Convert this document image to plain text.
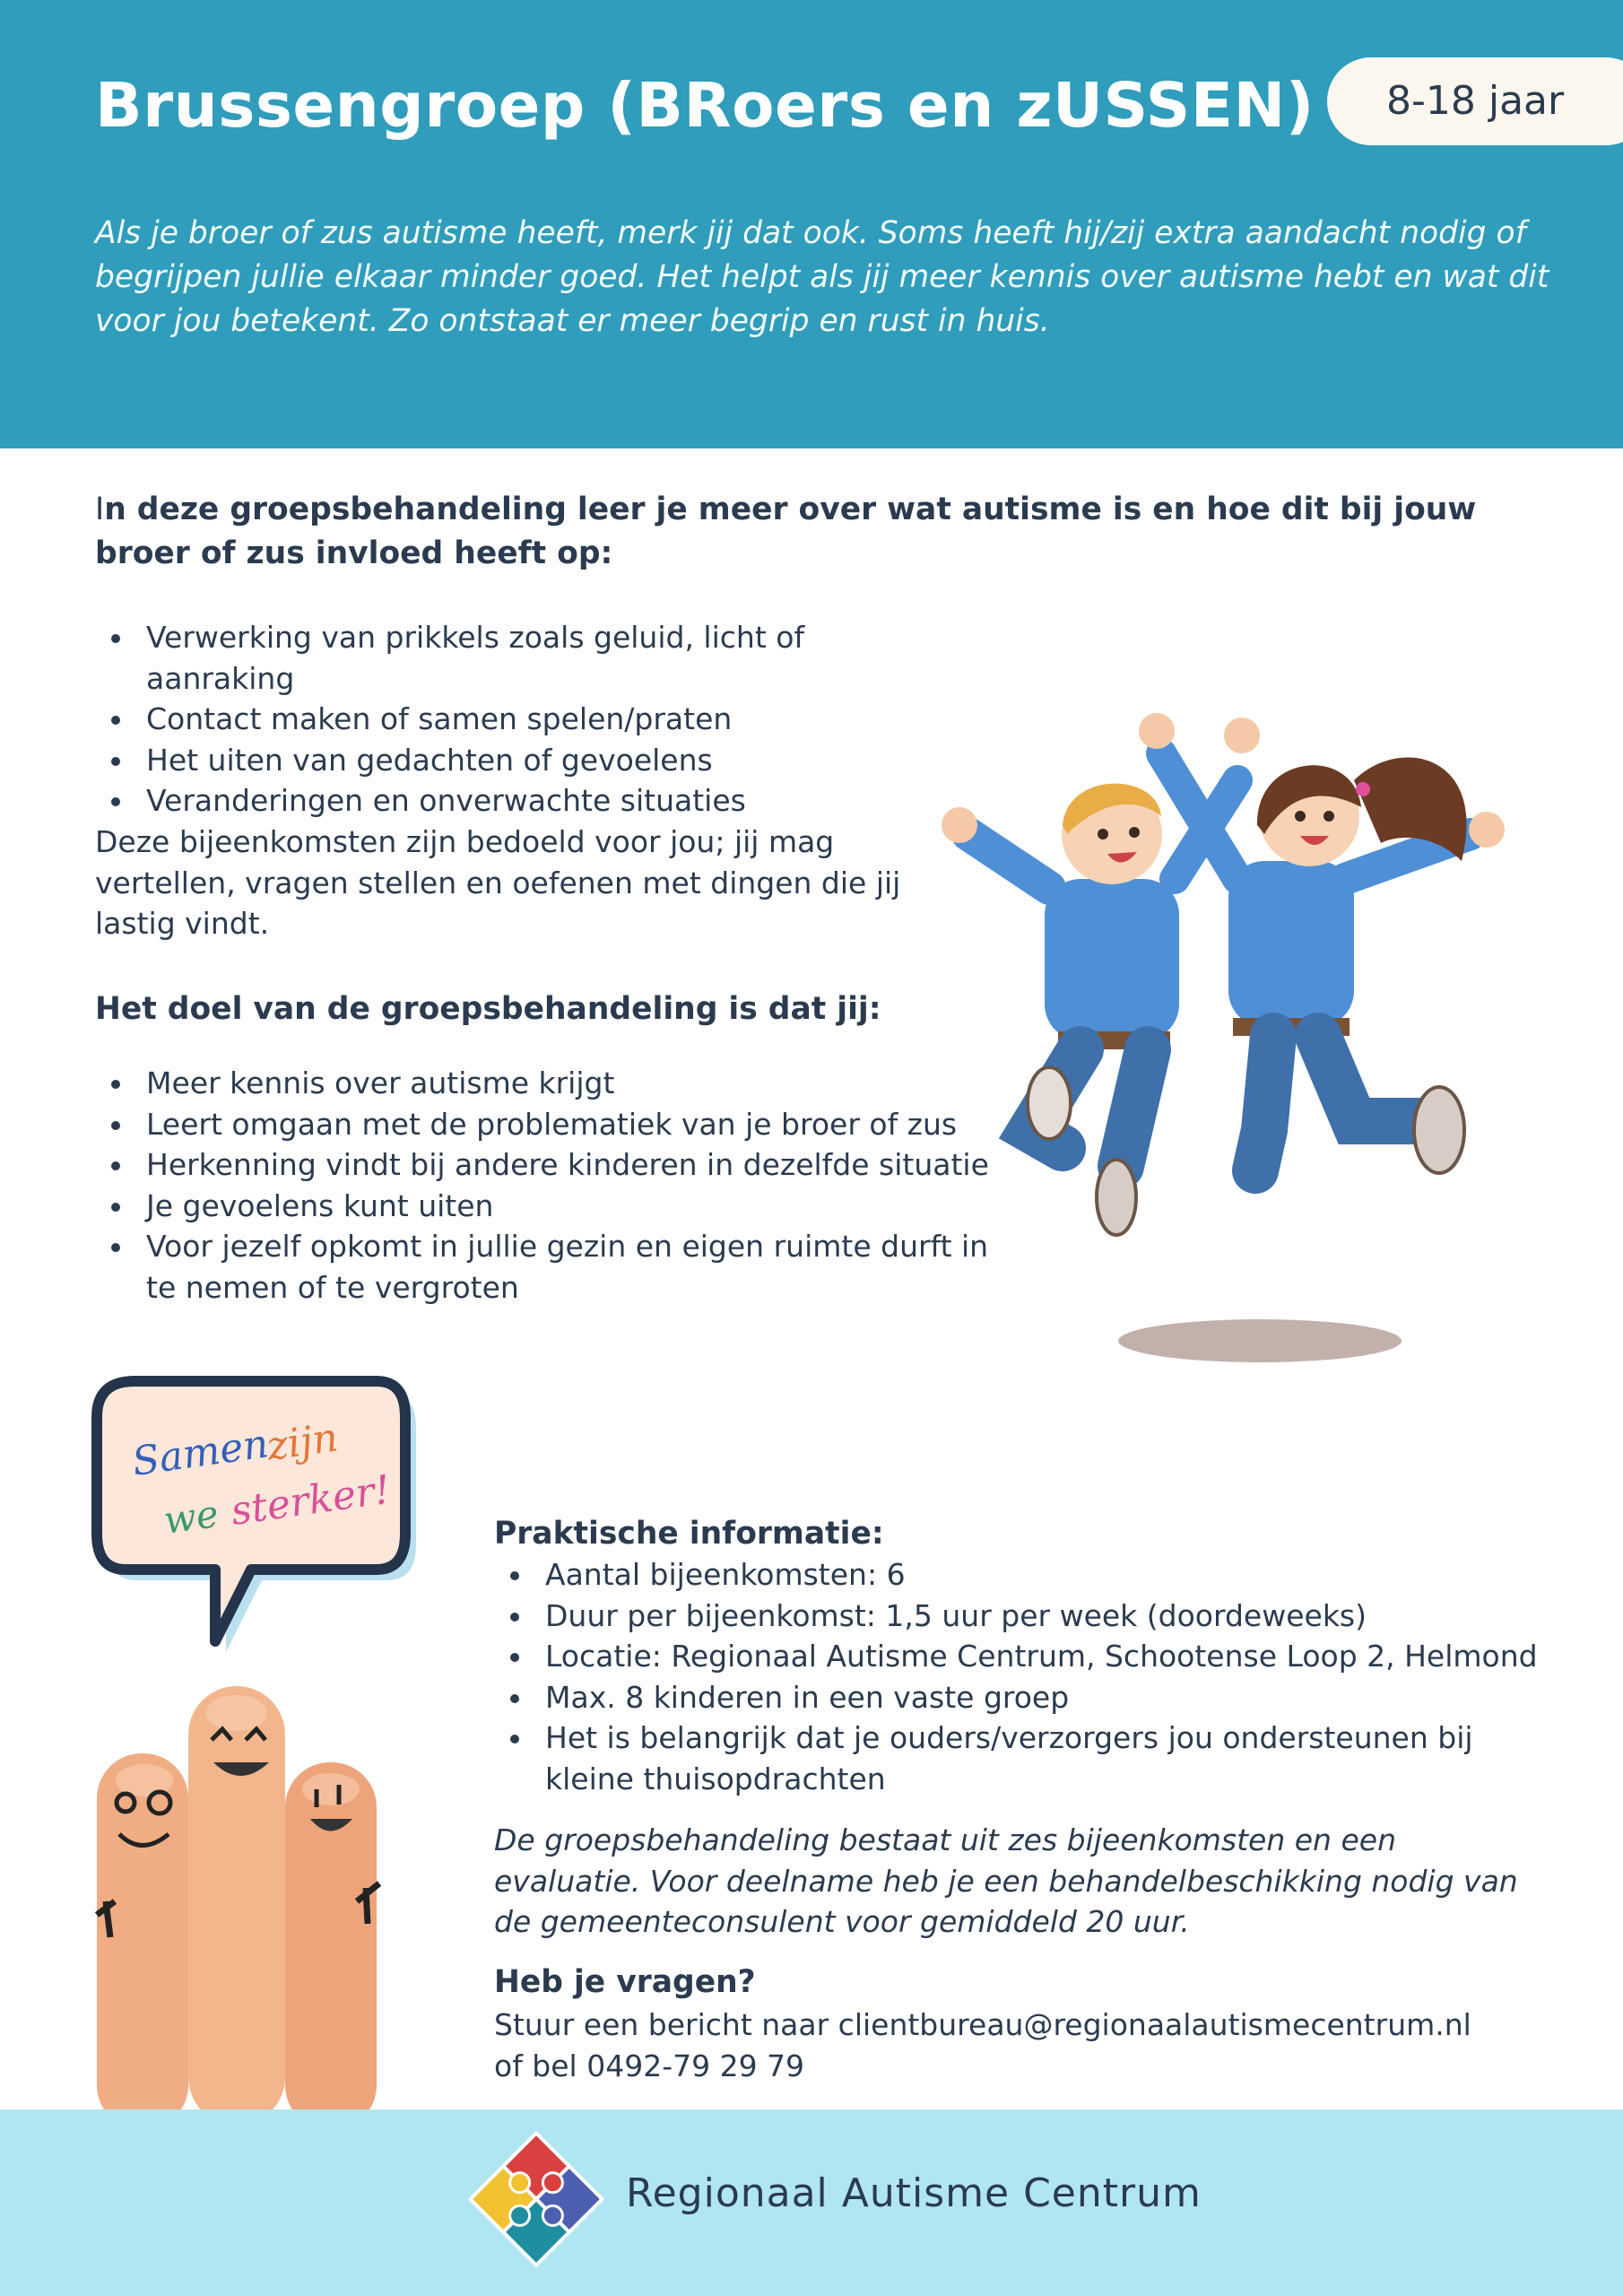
Brussengroep (BRoers en zUSSEN)	8-18 jaar

Als je broer of zus autisme heeft, merk jij dat ook. Soms heeft hij/zij extra aandacht nodig of begrijpen jullie elkaar minder goed. Het helpt als jij meer kennis over autisme hebt en wat dit voor jou betekent. Zo ontstaat er meer begrip en rust in huis.

In deze groepsbehandeling leer je meer over wat autisme is en hoe dit bij jouw broer of zus invloed heeft op:

Verwerking van prikkels zoals geluid, licht of aanraking
Contact maken of samen spelen/praten
Het uiten van gedachten of gevoelens
Veranderingen en onverwachte situaties

Deze bijeenkomsten zijn bedoeld voor jou; jij mag vertellen, vragen stellen en oefenen met dingen die jij lastig vindt.

Het doel van de groepsbehandeling is dat jij:

Meer kennis over autisme krijgt
Leert omgaan met de problematiek van je broer of zus
Herkenning vindt bij andere kinderen in dezelfde situatie
Je gevoelens kunt uiten
Voor jezelf opkomt in jullie gezin en eigen ruimte durft in te nemen of te vergroten
Samen
zijn
we sterker!	Praktische informatie:

Aantal bijeenkomsten: 6
Duur per bijeenkomst: 1,5 uur per week (doordeweeks)
Locatie: Regionaal Autisme Centrum, Schootense Loop 2, Helmond
Max. 8 kinderen in een vaste groep
Het is belangrijk dat je ouders/verzorgers jou ondersteunen bij kleine thuisopdrachten

De groepsbehandeling bestaat uit zes bijeenkomsten en een evaluatie. Voor deelname heb je een behandelbeschikking nodig van de gemeenteconsulent voor gemiddeld 20 uur.

Heb je vragen?

Stuur een bericht naar clientbureau@regionaalautismecentrum.nl

of bel 0492-79 29 79

Regionaal Autisme Centrum
